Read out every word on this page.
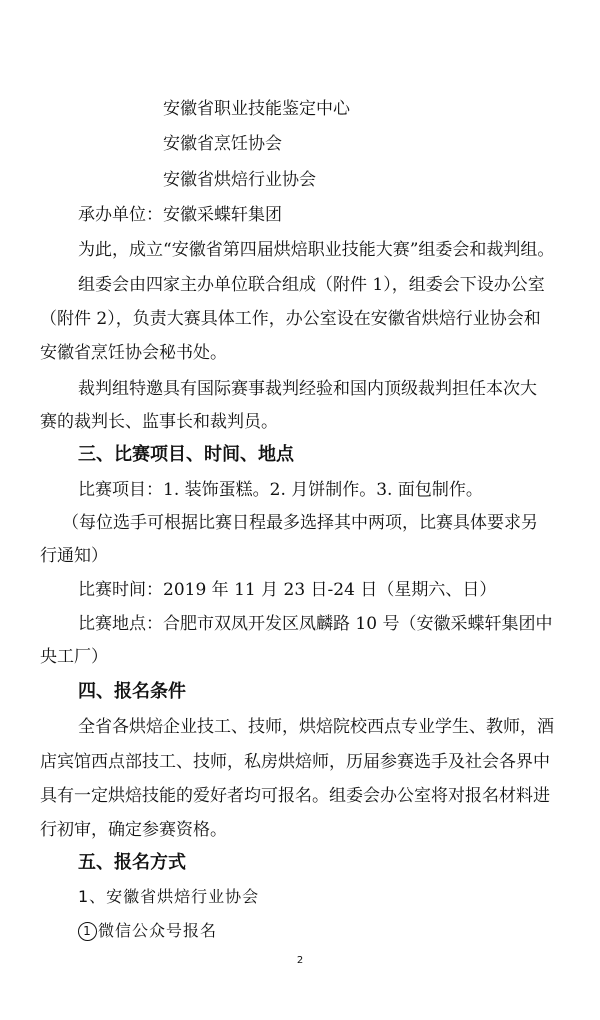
安徽省职业技能鉴定中心
安徽省烹饪协会
安徽省烘焙行业协会
承办单位：安徽采蝶轩集团
为此，成立“安徽省第四届烘焙职业技能大赛”组委会和裁判组。
组委会由四家主办单位联合组成（附件 1），组委会下设办公室
（附件 2），负责大赛具体工作，办公室设在安徽省烘焙行业协会和
安徽省烹饪协会秘书处。
裁判组特邀具有国际赛事裁判经验和国内顶级裁判担任本次大
赛的裁判长、监事长和裁判员。
三、比赛项目、时间、地点
比赛项目：1. 装饰蛋糕。2. 月饼制作。3. 面包制作。
（每位选手可根据比赛日程最多选择其中两项，比赛具体要求另
行通知）
比赛时间：2019 年 11 月 23 日-24 日（星期六、日）
比赛地点：合肥市双凤开发区凤麟路 10 号（安徽采蝶轩集团中
央工厂）
四、报名条件
全省各烘焙企业技工、技师，烘焙院校西点专业学生、教师，酒
店宾馆西点部技工、技师，私房烘焙师，历届参赛选手及社会各界中
具有一定烘焙技能的爱好者均可报名。组委会办公室将对报名材料进
行初审，确定参赛资格。
五、报名方式
1、安徽省烘焙行业协会
1 微信公众号报名
2
